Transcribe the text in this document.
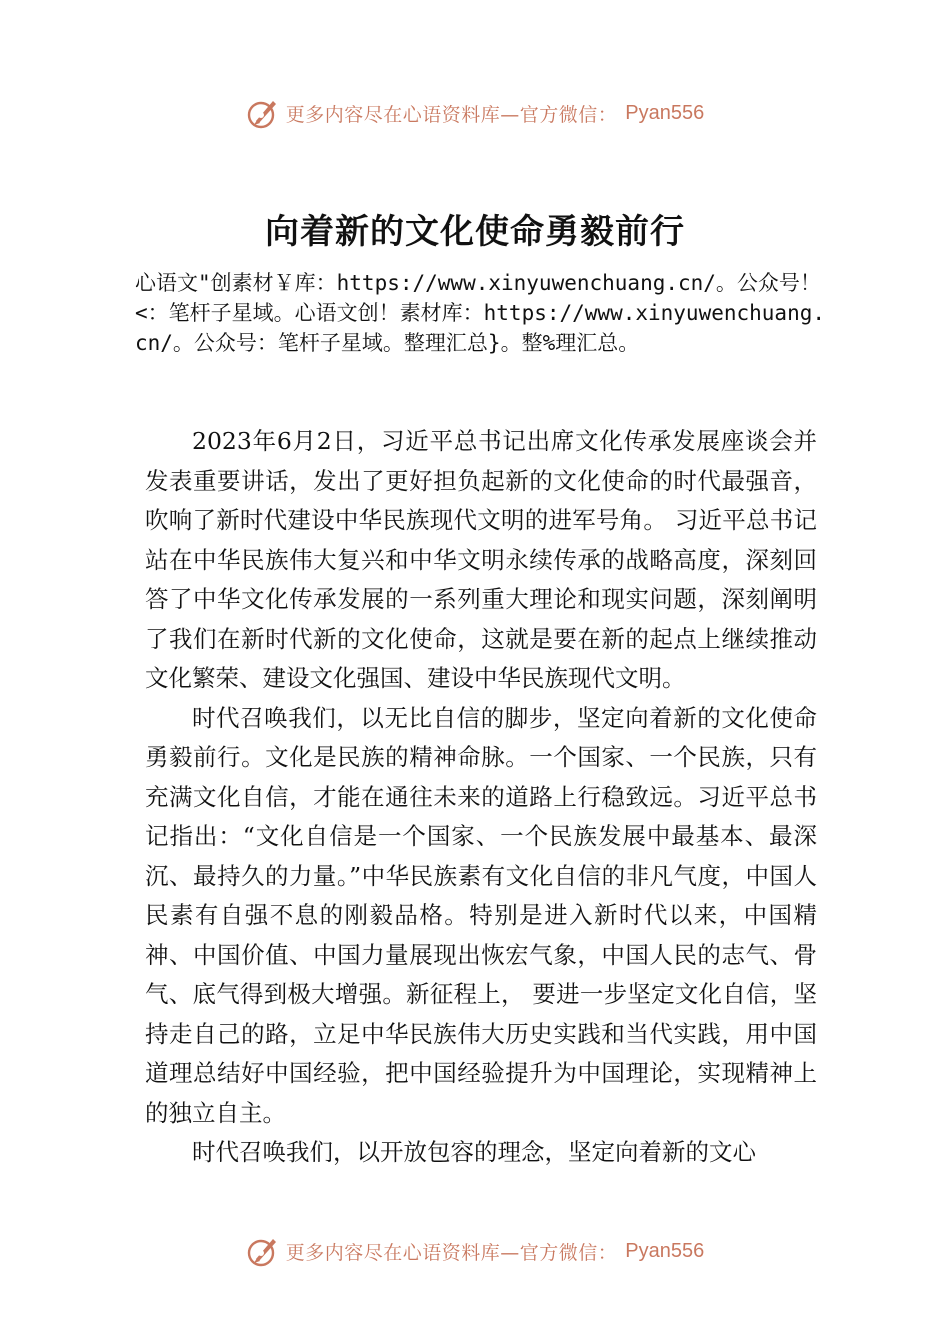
更多内容尽在心语资料库—官方微信： Pyan556
向着新的文化使命勇毅前行
心语文"创素材￥库：https://www.xinyuwenchuang.cn/。公众号！<：笔杆子星域。心语文创！素材库：https://www.xinyuwenchuang.cn/。公众号：笔杆子星域。整理汇总}。整%理汇总。

2023年6月2日，习近平总书记出席文化传承发展座谈会并发表重要讲话，发出了更好担负起新的文化使命的时代最强音，吹响了新时代建设中华民族现代文明的进军号角。 习近平总书记站在中华民族伟大复兴和中华文明永续传承的战略高度，深刻回答了中华文化传承发展的一系列重大理论和现实问题，深刻阐明了我们在新时代新的文化使命，这就是要在新的起点上继续推动文化繁荣、建设文化强国、建设中华民族现代文明。

时代召唤我们，以无比自信的脚步，坚定向着新的文化使命勇毅前行。文化是民族的精神命脉。一个国家、一个民族，只有充满文化自信，才能在通往未来的道路上行稳致远。习近平总书记指出：“文化自信是一个国家、一个民族发展中最基本、最深沉、最持久的力量。”中华民族素有文化自信的非凡气度，中国人民素有自强不息的刚毅品格。特别是进入新时代以来，中国精神、中国价值、中国力量展现出恢宏气象，中国人民的志气、骨气、底气得到极大增强。新征程上， 要进一步坚定文化自信，坚持走自己的路，立足中华民族伟大历史实践和当代实践，用中国道理总结好中国经验，把中国经验提升为中国理论，实现精神上的独立自主。

时代召唤我们，以开放包容的理念，坚定向着新的文心

更多内容尽在心语资料库—官方微信： Pyan556
